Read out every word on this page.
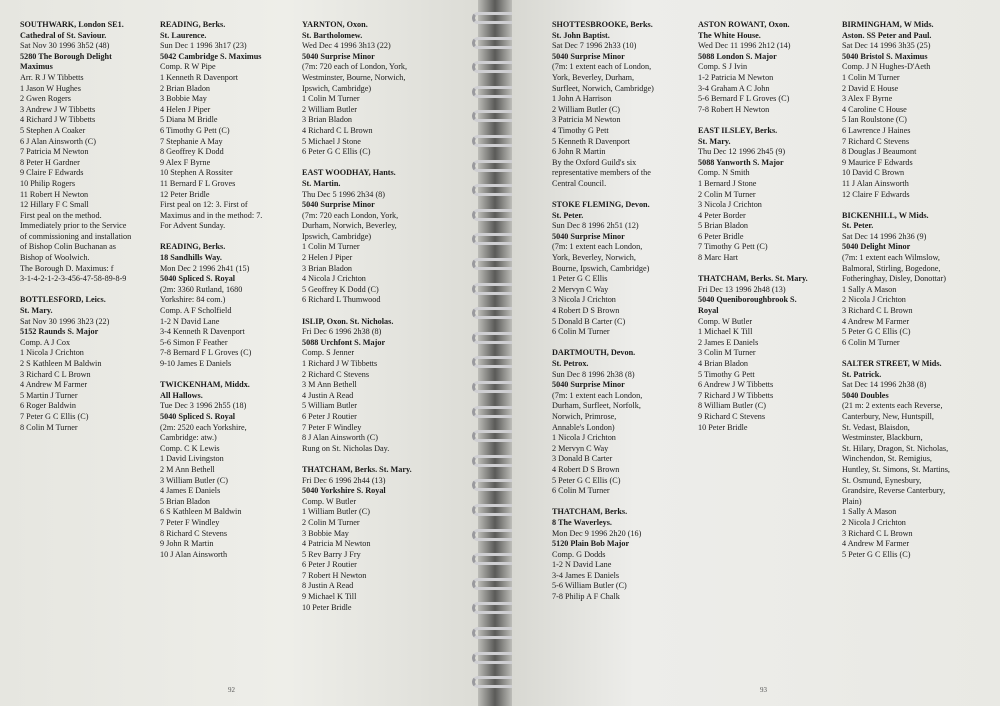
SOUTHWARK, London SE1.
Cathedral of St. Saviour.
Sat Nov 30 1996 3h52 (48)
5280 The Borough Delight
Maximus
Arr. R J W Tibbetts
1 Jason W Hughes
2 Gwen Rogers
3 Andrew J W Tibbetts
4 Richard J W Tibbetts
5 Stephen A Coaker
6 J Alan Ainsworth (C)
7 Patricia M Newton
8 Peter H Gardner
9 Claire F Edwards
10 Philip Rogers
11 Robert H Newton
12 Hillary F C Small
First peal on the method.
Immediately prior to the Service
of commissioning and installation
of Bishop Colin Buchanan as
Bishop of Woolwich.
The Borough D. Maximus: f
3-1-4-2-1-2-3-456-47-58-89-8-9
BOTTLESFORD, Leics.
St. Mary.
Sat Nov 30 1996 3h23 (22)
5152 Raunds S. Major
Comp. A J Cox
1 Nicola J Crichton
2 S Kathleen M Baldwin
3 Richard C L Brown
4 Andrew M Farmer
5 Martin J Turner
6 Roger Baldwin
7 Peter G C Ellis (C)
8 Colin M Turner
READING, Berks.
St. Laurence.
Sun Dec 1 1996 3h17 (23)
5042 Cambridge S. Maximus
Comp. R W Pipe
1 Kenneth R Davenport
2 Brian Bladon
3 Bobbie May
4 Helen J Piper
5 Diana M Bridle
6 Timothy G Pett (C)
7 Stephanie A May
8 Geoffrey K Dodd
9 Alex F Byrne
10 Stephen A Rossiter
11 Bernard F L Groves
12 Peter Bridle
First peal on 12: 3. First of
Maximus and in the method: 7.
For Advent Sunday.
READING, Berks.
18 Sandhills Way.
Mon Dec 2 1996 2h41 (15)
5040 Spliced S. Royal
(2m: 3360 Rutland, 1680
Yorkshire: 84 com.)
Comp. A F Scholfield
1-2 N David Lane
3-4 Kenneth R Davenport
5-6 Simon F Feather
7-8 Bernard F L Groves (C)
9-10 James E Daniels
TWICKENHAM, Middx.
All Hallows.
Tue Dec 3 1996 2h55 (18)
5040 Spliced S. Royal
(2m: 2520 each Yorkshire,
Cambridge: atw.)
Comp. C K Lewis
1 David Livingston
2 M Ann Bethell
3 William Butler (C)
4 James E Daniels
5 Brian Bladon
6 S Kathleen M Baldwin
7 Peter F Windley
8 Richard C Stevens
9 John R Martin
10 J Alan Ainsworth
YARNTON, Oxon.
St. Bartholomew.
Wed Dec 4 1996 3h13 (22)
5040 Surprise Minor
(7m: 720 each of London, York,
Westminster, Bourne, Norwich,
Ipswich, Cambridge)
1 Colin M Turner
2 William Butler
3 Brian Bladon
4 Richard C L Brown
5 Michael J Stone
6 Peter G C Ellis (C)
EAST WOODHAY, Hants.
St. Martin.
Thu Dec 5 1996 2h34 (8)
5040 Surprise Minor
(7m: 720 each London, York,
Durham, Norwich, Beverley,
Ipswich, Cambridge)
1 Colin M Turner
2 Helen J Piper
3 Brian Bladon
4 Nicola J Crichton
5 Geoffrey K Dodd (C)
6 Richard L Thumwood
ISLIP, Oxon. St. Nicholas.
Fri Dec 6 1996 2h38 (8)
5088 Urchfont S. Major
Comp. S Jenner
1 Richard J W Tibbetts
2 Richard C Stevens
3 M Ann Bethell
4 Justin A Read
5 William Butler
6 Peter J Routier
7 Peter F Windley
8 J Alan Ainsworth (C)
Rung on St. Nicholas Day.
THATCHAM, Berks. St. Mary.
Fri Dec 6 1996 2h44 (13)
5040 Yorkshire S. Royal
Comp. W Butler
1 William Butler (C)
2 Colin M Turner
3 Bobbie May
4 Patricia M Newton
5 Rev Barry J Fry
6 Peter J Routier
7 Robert H Newton
8 Justin A Read
9 Michael K Till
10 Peter Bridle
92
SHOTTESBROOKE, Berks.
St. John Baptist.
Sat Dec 7 1996 2h33 (10)
5040 Surprise Minor
(7m: 1 extent each of London,
York, Beverley, Durham,
Surfleet, Norwich, Cambridge)
1 John A Harrison
2 William Butler (C)
3 Patricia M Newton
4 Timothy G Pett
5 Kenneth R Davenport
6 John R Martin
By the Oxford Guild's six
representative members of the
Central Council.
STOKE FLEMING, Devon.
St. Peter.
Sun Dec 8 1996 2h51 (12)
5040 Surprise Minor
(7m: 1 extent each London,
York, Beverley, Norwich,
Bourne, Ipswich, Cambridge)
1 Peter G C Ellis
2 Mervyn C Way
3 Nicola J Crichton
4 Robert D S Brown
5 Donald B Carter (C)
6 Colin M Turner
DARTMOUTH, Devon.
St. Petrox.
Sun Dec 8 1996 2h38 (8)
5040 Surprise Minor
(7m: 1 extent each London,
Durham, Surfleet, Norfolk,
Norwich, Primrose,
Annable's London)
1 Nicola J Crichton
2 Mervyn C Way
3 Donald B Carter
4 Robert D S Brown
5 Peter G C Ellis (C)
6 Colin M Turner
THATCHAM, Berks.
8 The Waverleys.
Mon Dec 9 1996 2h20 (16)
5120 Plain Bob Major
Comp. G Dodds
1-2 N David Lane
3-4 James E Daniels
5-6 William Butler (C)
7-8 Philip A F Chalk
ASTON ROWANT, Oxon.
The White House.
Wed Dec 11 1996 2h12 (14)
5088 London S. Major
Comp. S J Ivin
1-2 Patricia M Newton
3-4 Graham A C John
5-6 Bernard F L Groves (C)
7-8 Robert H Newton
EAST ILSLEY, Berks.
St. Mary.
Thu Dec 12 1996 2h45 (9)
5088 Yanworth S. Major
Comp. N Smith
1 Bernard J Stone
2 Colin M Turner
3 Nicola J Crichton
4 Peter Border
5 Brian Bladon
6 Peter Bridle
7 Timothy G Pett (C)
8 Marc Hart
THATCHAM, Berks. St. Mary.
Fri Dec 13 1996 2h48 (13)
5040 Queniboroughbrook S.
Royal
Comp. W Butler
1 Michael K Till
2 James E Daniels
3 Colin M Turner
4 Brian Bladon
5 Timothy G Pett
6 Andrew J W Tibbetts
7 Richard J W Tibbetts
8 William Butler (C)
9 Richard C Stevens
10 Peter Bridle
BIRMINGHAM, W Mids.
Aston. SS Peter and Paul.
Sat Dec 14 1996 3h35 (25)
5040 Bristol S. Maximus
Comp. J N Hughes-D'Aeth
1 Colin M Turner
2 David E House
3 Alex F Byrne
4 Caroline C House
5 Ian Roulstone (C)
6 Lawrence J Haines
7 Richard C Stevens
8 Douglas J Beaumont
9 Maurice F Edwards
10 David C Brown
11 J Alan Ainsworth
12 Claire F Edwards
BICKENHILL, W Mids.
St. Peter.
Sat Dec 14 1996 2h36 (9)
5040 Delight Minor
(7m: 1 extent each Wilmslow,
Balmoral, Stirling, Bogedone,
Fotheringhay, Disley, Donottar)
1 Sally A Mason
2 Nicola J Crichton
3 Richard C L Brown
4 Andrew M Farmer
5 Peter G C Ellis (C)
6 Colin M Turner
SALTER STREET, W Mids.
St. Patrick.
Sat Dec 14 1996 2h38 (8)
5040 Doubles
(21 m: 2 extents each Reverse,
Canterbury, New, Huntspill,
St. Vedast, Blaisdon,
Westminster, Blackburn,
St. Hilary, Dragon, St. Nicholas,
Winchendon, St. Remigius,
Huntley, St. Simons, St. Martins,
St. Osmund, Eynesbury,
Grandsire, Reverse Canterbury,
Plain)
1 Sally A Mason
2 Nicola J Crichton
3 Richard C L Brown
4 Andrew M Farmer
5 Peter G C Ellis (C)
93
